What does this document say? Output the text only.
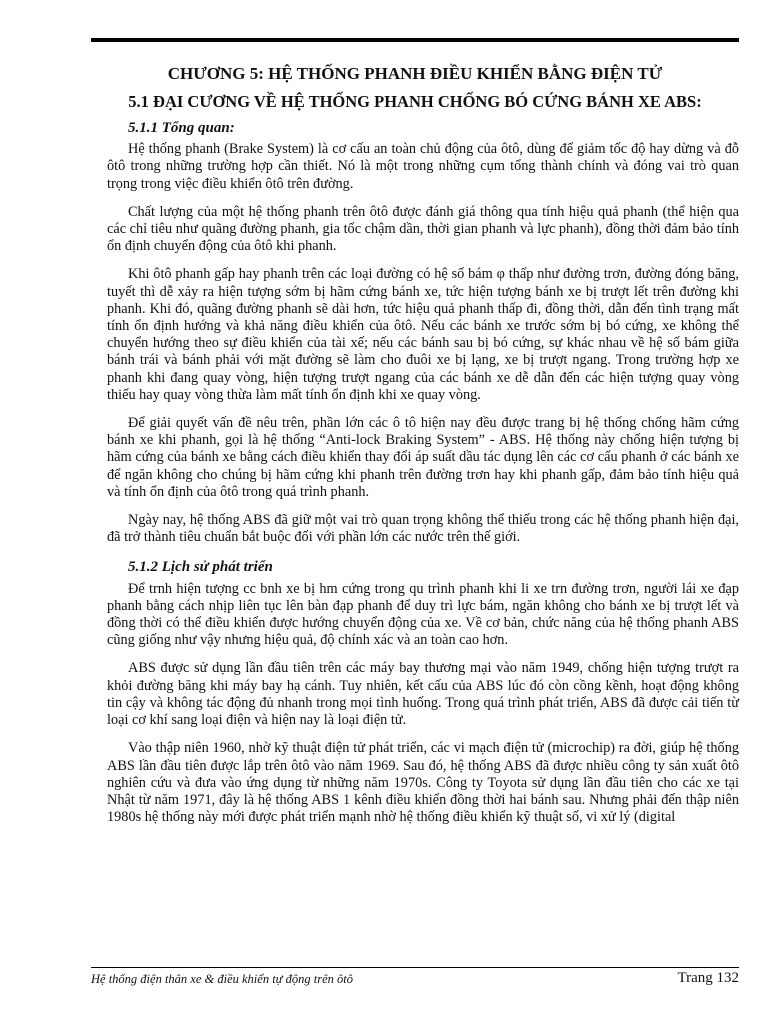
CHƯƠNG 5: HỆ THỐNG PHANH ĐIỀU KHIỂN BẰNG ĐIỆN TỬ
5.1 ĐẠI CƯƠNG VỀ HỆ THỐNG PHANH CHỐNG BÓ CỨNG BÁNH XE ABS:
5.1.1 Tổng quan:

Hệ thống phanh (Brake System) là cơ cấu an toàn chủ động của ôtô, dùng để giảm tốc độ hay dừng và đỗ ôtô trong những trường hợp cần thiết. Nó là một trong những cụm tổng thành chính và đóng vai trò quan trọng trong việc điều khiển ôtô trên đường.

Chất lượng của một hệ thống phanh trên ôtô được đánh giá thông qua tính hiệu quả phanh (thể hiện qua các chỉ tiêu như quãng đường phanh, gia tốc chậm dần, thời gian phanh và lực phanh), đồng thời đảm bảo tính ổn định chuyển động của ôtô khi phanh.

Khi ôtô phanh gấp hay phanh trên các loại đường có hệ số bám φ thấp như đường trơn, đường đóng băng, tuyết thì dễ xảy ra hiện tượng sớm bị hãm cứng bánh xe, tức hiện tượng bánh xe bị trượt lết trên đường khi phanh. Khi đó, quãng đường phanh sẽ dài hơn, tức hiệu quả phanh thấp đi, đồng thời, dẫn đến tình trạng mất tính ổn định hướng và khả năng điều khiển của ôtô. Nếu các bánh xe trước sớm bị bó cứng, xe không thể chuyển hướng theo sự điều khiển của tài xế; nếu các bánh sau bị bó cứng, sự khác nhau về hệ số bám giữa bánh trái và bánh phải với mặt đường sẽ làm cho đuôi xe bị lạng, xe bị trượt ngang. Trong trường hợp xe phanh khi đang quay vòng, hiện tượng trượt ngang của các bánh xe dễ dẫn đến các hiện tượng quay vòng thiếu hay quay vòng thừa làm mất tính ổn định khi xe quay vòng.

Để giải quyết vấn đề nêu trên, phần lớn các ô tô hiện nay đều được trang bị hệ thống chống hãm cứng bánh xe khi phanh, gọi là hệ thống “Anti-lock Braking System” - ABS. Hệ thống này chống hiện tượng bị hãm cứng của bánh xe bằng cách điều khiển thay đổi áp suất dầu tác dụng lên các cơ cấu phanh ở các bánh xe để ngăn không cho chúng bị hãm cứng khi phanh trên đường trơn hay khi phanh gấp, đảm bảo tính hiệu quả và tính ổn định của ôtô trong quá trình phanh.

Ngày nay, hệ thống ABS đã giữ một vai trò quan trọng không thể thiếu trong các hệ thống phanh hiện đại, đã trở thành tiêu chuẩn bắt buộc đối với phần lớn các nước trên thế giới.

5.1.2 Lịch sử phát triển

Để trnh hiện tượng cc bnh xe bị hm cứng trong qu trình phanh khi li xe trn đường trơn, người lái xe đạp phanh bằng cách nhịp liên tục lên bàn đạp phanh để duy trì lực bám, ngăn không cho bánh xe bị trượt lết và đồng thời có thể điều khiển được hướng chuyển động của xe. Về cơ bản, chức năng của hệ thống phanh ABS cũng giống như vậy nhưng hiệu quả, độ chính xác và an toàn cao hơn.

ABS được sử dụng lần đầu tiên trên các máy bay thương mại vào năm 1949, chống hiện tượng trượt ra khỏi đường băng khi máy bay hạ cánh. Tuy nhiên, kết cấu của ABS lúc đó còn cồng kềnh, hoạt động không tin cậy và không tác động đủ nhanh trong mọi tình huống. Trong quá trình phát triển, ABS đã được cải tiến từ loại cơ khí sang loại điện và hiện nay là loại điện tử.

Vào thập niên 1960, nhờ kỹ thuật điện tử phát triển, các vi mạch điện tử (microchip) ra đời, giúp hệ thống ABS lần đầu tiên được lắp trên ôtô vào năm 1969. Sau đó, hệ thống ABS đã được nhiều công ty sản xuất ôtô nghiên cứu và đưa vào ứng dụng từ những năm 1970s. Công ty Toyota sử dụng lần đầu tiên cho các xe tại Nhật từ năm 1971, đây là hệ thống ABS 1 kênh điều khiển đồng thời hai bánh sau. Nhưng phải đến thập niên 1980s hệ thống này mới được phát triển mạnh nhờ hệ thống điều khiển kỹ thuật số, vi xử lý (digital

Hệ thống điện thân xe & điều khiển tự động trên ôtô	Trang 132
